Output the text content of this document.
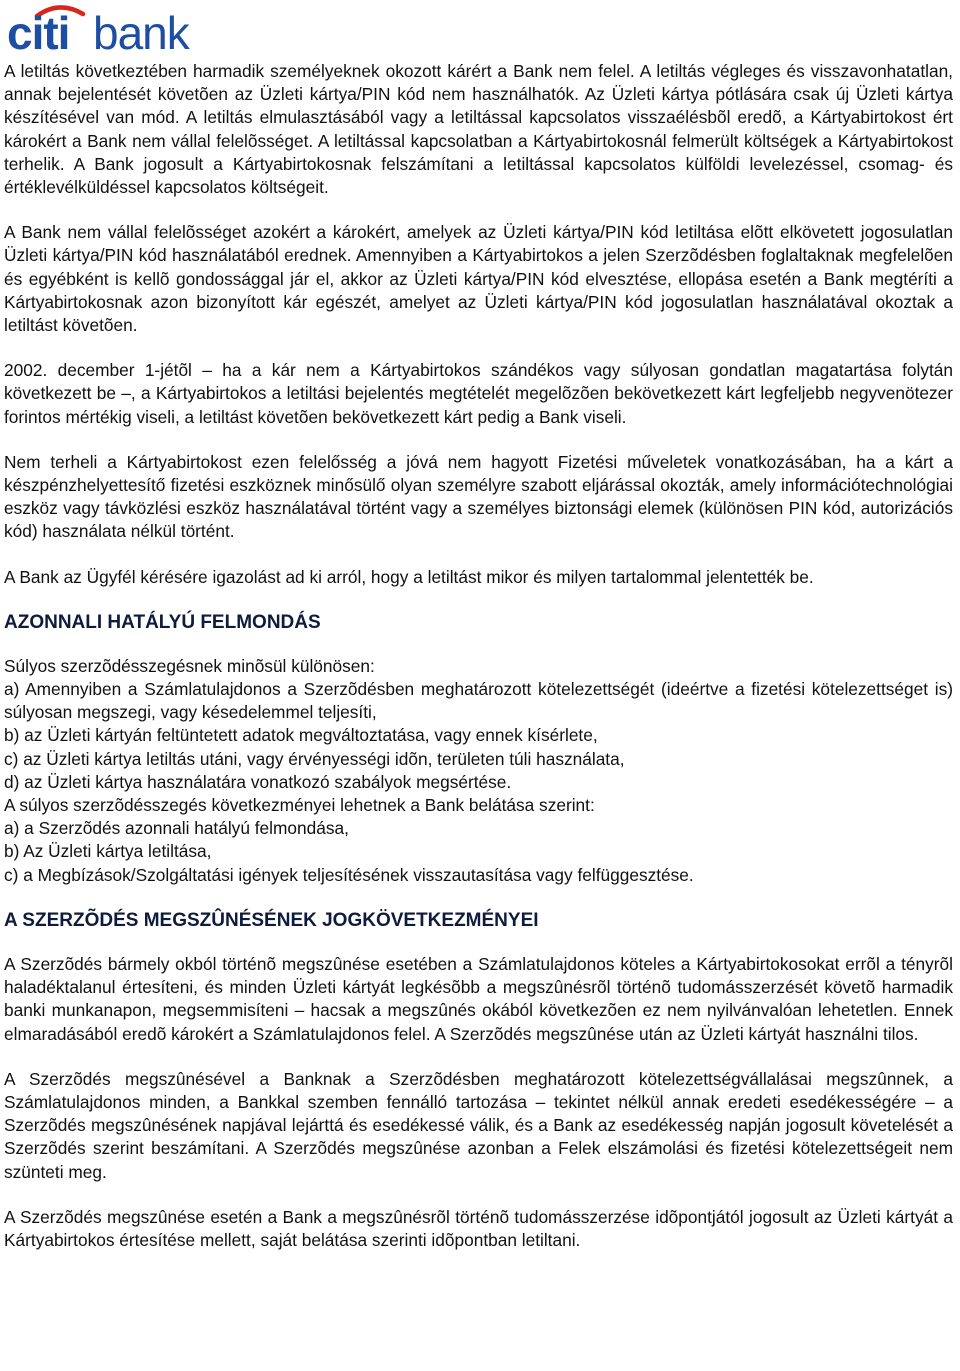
citi bank

A letiltás következtében harmadik személyeknek okozott kárért a Bank nem felel. A letiltás végleges és visszavonhatatlan, annak bejelentését követõen az Üzleti kártya/PIN kód nem használhatók. Az Üzleti kártya pótlására csak új Üzleti kártya készítésével van mód. A letiltás elmulasztásából vagy a letiltással kapcsolatos visszaélésbõl eredõ, a Kártyabirtokost ért károkért a Bank nem vállal felelõsséget. A letiltással kapcsolatban a Kártyabirtokosnál felmerült költségek a Kártyabirtokost terhelik. A Bank jogosult a Kártyabirtokosnak felszámítani a letiltással kapcsolatos külföldi levelezéssel, csomag- és értéklevélküldéssel kapcsolatos költségeit.

A Bank nem vállal felelõsséget azokért a károkért, amelyek az Üzleti kártya/PIN kód letiltása elõtt elkövetett jogosulatlan Üzleti kártya/PIN kód használatából erednek. Amennyiben a Kártyabirtokos a jelen Szerzõdésben foglaltaknak megfelelõen és egyébként is kellõ gondossággal jár el, akkor az Üzleti kártya/PIN kód elvesztése, ellopása esetén a Bank megtéríti a Kártyabirtokosnak azon bizonyított kár egészét, amelyet az Üzleti kártya/PIN kód jogosulatlan használatával okoztak a letiltást követõen.

2002. december 1-jétõl – ha a kár nem a Kártyabirtokos szándékos vagy súlyosan gondatlan magatartása folytán következett be –, a Kártyabirtokos a letiltási bejelentés megtételét megelõzõen bekövetkezett kárt legfeljebb negyvenötezer forintos mértékig viseli, a letiltást követõen bekövetkezett kárt pedig a Bank viseli.

Nem terheli a Kártyabirtokost ezen felelősség a jóvá nem hagyott Fizetési műveletek vonatkozásában, ha a kárt a készpénzhelyettesítő fizetési eszköznek minősülő olyan személyre szabott eljárással okozták, amely információtechnológiai eszköz vagy távközlési eszköz használatával történt vagy a személyes biztonsági elemek (különösen PIN kód, autorizációs kód) használata nélkül történt.

A Bank az Ügyfél kérésére igazolást ad ki arról, hogy a letiltást mikor és milyen tartalommal jelentették be.

AZONNALI HATÁLYÚ FELMONDÁS

Súlyos szerzõdésszegésnek minõsül különösen:

a) Amennyiben a Számlatulajdonos a Szerzõdésben meghatározott kötelezettségét (ideértve a fizetési kötelezettséget is) súlyosan megszegi, vagy késedelemmel teljesíti,

b) az Üzleti kártyán feltüntetett adatok megváltoztatása, vagy ennek kísérlete,

c) az Üzleti kártya letiltás utáni, vagy érvényességi idõn, területen túli használata,

d) az Üzleti kártya használatára vonatkozó szabályok megsértése.

A súlyos szerzõdésszegés következményei lehetnek a Bank belátása szerint:

a) a Szerzõdés azonnali hatályú felmondása,

b) Az Üzleti kártya letiltása,

c) a Megbízások/Szolgáltatási igények teljesítésének visszautasítása vagy felfüggesztése.

A SZERZÕDÉS MEGSZÛNÉSÉNEK JOGKÖVETKEZMÉNYEI

A Szerzõdés bármely okból történõ megszûnése esetében a Számlatulajdonos köteles a Kártyabirtokosokat errõl a tényrõl haladéktalanul értesíteni, és minden Üzleti kártyát legkésõbb a megszûnésrõl történõ tudomásszerzését követõ harmadik banki munkanapon, megsemmisíteni – hacsak a megszûnés okából következõen ez nem nyilvánvalóan lehetetlen. Ennek elmaradásából eredõ károkért a Számlatulajdonos felel. A Szerzõdés megszûnése után az Üzleti kártyát használni tilos.

A Szerzõdés megszûnésével a Banknak a Szerzõdésben meghatározott kötelezettségvállalásai megszûnnek, a Számlatulajdonos minden, a Bankkal szemben fennálló tartozása – tekintet nélkül annak eredeti esedékességére – a Szerzõdés megszûnésének napjával lejárttá és esedékessé válik, és a Bank az esedékesség napján jogosult követelését a Szerzõdés szerint beszámítani. A Szerzõdés megszûnése azonban a Felek elszámolási és fizetési kötelezettségeit nem szünteti meg.

A Szerzõdés megszûnése esetén a Bank a megszûnésrõl történõ tudomásszerzése idõpontjától jogosult az Üzleti kártyát a Kártyabirtokos értesítése mellett, saját belátása szerinti idõpontban letiltani.
